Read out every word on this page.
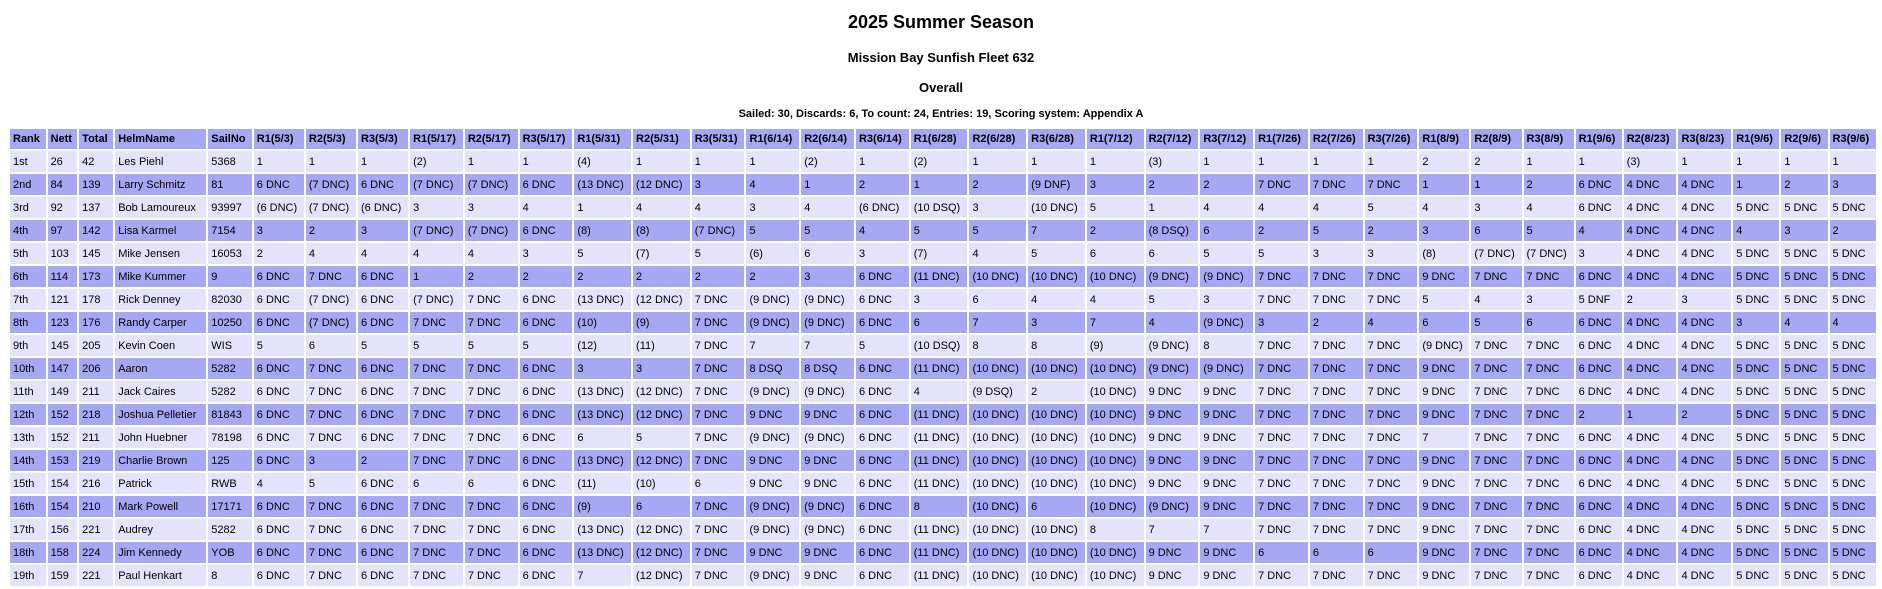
2025 Summer Season
Mission Bay Sunfish Fleet 632
Overall
Sailed: 30, Discards: 6, To count: 24, Entries: 19, Scoring system: Appendix A
Rank	Nett	Total	HelmName	SailNo	R1(5/3)	R2(5/3)	R3(5/3)	R1(5/17)	R2(5/17)	R3(5/17)	R1(5/31)	R2(5/31)	R3(5/31)	R1(6/14)	R2(6/14)	R3(6/14)	R1(6/28)	R2(6/28)	R3(6/28)	R1(7/12)	R2(7/12)	R3(7/12)	R1(7/26)	R2(7/26)	R3(7/26)	R1(8/9)	R2(8/9)	R3(8/9)	R1(9/6)	R2(8/23)	R3(8/23)	R1(9/6)	R2(9/6)	R3(9/6)
1st	26	42	Les Piehl	5368	1	1	1	(2)	1	1	(4)	1	1	1	(2)	1	(2)	1	1	1	(3)	1	1	1	1	2	2	1	1	(3)	1	1	1	1
2nd	84	139	Larry Schmitz	81	6 DNC	(7 DNC)	6 DNC	(7 DNC)	(7 DNC)	6 DNC	(13 DNC)	(12 DNC)	3	4	1	2	1	2	(9 DNF)	3	2	2	7 DNC	7 DNC	7 DNC	1	1	2	6 DNC	4 DNC	4 DNC	1	2	3
3rd	92	137	Bob Lamoureux	93997	(6 DNC)	(7 DNC)	(6 DNC)	3	3	4	1	4	4	3	4	(6 DNC)	(10 DSQ)	3	(10 DNC)	5	1	4	4	4	5	4	3	4	6 DNC	4 DNC	4 DNC	5 DNC	5 DNC	5 DNC
4th	97	142	Lisa Karmel	7154	3	2	3	(7 DNC)	(7 DNC)	6 DNC	(8)	(8)	(7 DNC)	5	5	4	5	5	7	2	(8 DSQ)	6	2	5	2	3	6	5	4	4 DNC	4 DNC	4	3	2
5th	103	145	Mike Jensen	16053	2	4	4	4	4	3	5	(7)	5	(6)	6	3	(7)	4	5	6	6	5	5	3	3	(8)	(7 DNC)	(7 DNC)	3	4 DNC	4 DNC	5 DNC	5 DNC	5 DNC
6th	114	173	Mike Kummer	9	6 DNC	7 DNC	6 DNC	1	2	2	2	2	2	2	3	6 DNC	(11 DNC)	(10 DNC)	(10 DNC)	(10 DNC)	(9 DNC)	(9 DNC)	7 DNC	7 DNC	7 DNC	9 DNC	7 DNC	7 DNC	6 DNC	4 DNC	4 DNC	5 DNC	5 DNC	5 DNC
7th	121	178	Rick Denney	82030	6 DNC	(7 DNC)	6 DNC	(7 DNC)	7 DNC	6 DNC	(13 DNC)	(12 DNC)	7 DNC	(9 DNC)	(9 DNC)	6 DNC	3	6	4	4	5	3	7 DNC	7 DNC	7 DNC	5	4	3	5 DNF	2	3	5 DNC	5 DNC	5 DNC
8th	123	176	Randy Carper	10250	6 DNC	(7 DNC)	6 DNC	7 DNC	7 DNC	6 DNC	(10)	(9)	7 DNC	(9 DNC)	(9 DNC)	6 DNC	6	7	3	7	4	(9 DNC)	3	2	4	6	5	6	6 DNC	4 DNC	4 DNC	3	4	4
9th	145	205	Kevin Coen	WIS	5	6	5	5	5	5	(12)	(11)	7 DNC	7	7	5	(10 DSQ)	8	8	(9)	(9 DNC)	8	7 DNC	7 DNC	7 DNC	(9 DNC)	7 DNC	7 DNC	6 DNC	4 DNC	4 DNC	5 DNC	5 DNC	5 DNC
10th	147	206	Aaron	5282	6 DNC	7 DNC	6 DNC	7 DNC	7 DNC	6 DNC	3	3	7 DNC	8 DSQ	8 DSQ	6 DNC	(11 DNC)	(10 DNC)	(10 DNC)	(10 DNC)	(9 DNC)	(9 DNC)	7 DNC	7 DNC	7 DNC	9 DNC	7 DNC	7 DNC	6 DNC	4 DNC	4 DNC	5 DNC	5 DNC	5 DNC
11th	149	211	Jack Caires	5282	6 DNC	7 DNC	6 DNC	7 DNC	7 DNC	6 DNC	(13 DNC)	(12 DNC)	7 DNC	(9 DNC)	(9 DNC)	6 DNC	4	(9 DSQ)	2	(10 DNC)	9 DNC	9 DNC	7 DNC	7 DNC	7 DNC	9 DNC	7 DNC	7 DNC	6 DNC	4 DNC	4 DNC	5 DNC	5 DNC	5 DNC
12th	152	218	Joshua Pelletier	81843	6 DNC	7 DNC	6 DNC	7 DNC	7 DNC	6 DNC	(13 DNC)	(12 DNC)	7 DNC	9 DNC	9 DNC	6 DNC	(11 DNC)	(10 DNC)	(10 DNC)	(10 DNC)	9 DNC	9 DNC	7 DNC	7 DNC	7 DNC	9 DNC	7 DNC	7 DNC	2	1	2	5 DNC	5 DNC	5 DNC
13th	152	211	John Huebner	78198	6 DNC	7 DNC	6 DNC	7 DNC	7 DNC	6 DNC	6	5	7 DNC	(9 DNC)	(9 DNC)	6 DNC	(11 DNC)	(10 DNC)	(10 DNC)	(10 DNC)	9 DNC	9 DNC	7 DNC	7 DNC	7 DNC	7	7 DNC	7 DNC	6 DNC	4 DNC	4 DNC	5 DNC	5 DNC	5 DNC
14th	153	219	Charlie Brown	125	6 DNC	3	2	7 DNC	7 DNC	6 DNC	(13 DNC)	(12 DNC)	7 DNC	9 DNC	9 DNC	6 DNC	(11 DNC)	(10 DNC)	(10 DNC)	(10 DNC)	9 DNC	9 DNC	7 DNC	7 DNC	7 DNC	9 DNC	7 DNC	7 DNC	6 DNC	4 DNC	4 DNC	5 DNC	5 DNC	5 DNC
15th	154	216	Patrick	RWB	4	5	6 DNC	6	6	6 DNC	(11)	(10)	6	9 DNC	9 DNC	6 DNC	(11 DNC)	(10 DNC)	(10 DNC)	(10 DNC)	9 DNC	9 DNC	7 DNC	7 DNC	7 DNC	9 DNC	7 DNC	7 DNC	6 DNC	4 DNC	4 DNC	5 DNC	5 DNC	5 DNC
16th	154	210	Mark Powell	17171	6 DNC	7 DNC	6 DNC	7 DNC	7 DNC	6 DNC	(9)	6	7 DNC	(9 DNC)	(9 DNC)	6 DNC	8	(10 DNC)	6	(10 DNC)	(9 DNC)	9 DNC	7 DNC	7 DNC	7 DNC	9 DNC	7 DNC	7 DNC	6 DNC	4 DNC	4 DNC	5 DNC	5 DNC	5 DNC
17th	156	221	Audrey	5282	6 DNC	7 DNC	6 DNC	7 DNC	7 DNC	6 DNC	(13 DNC)	(12 DNC)	7 DNC	(9 DNC)	(9 DNC)	6 DNC	(11 DNC)	(10 DNC)	(10 DNC)	8	7	7	7 DNC	7 DNC	7 DNC	9 DNC	7 DNC	7 DNC	6 DNC	4 DNC	4 DNC	5 DNC	5 DNC	5 DNC
18th	158	224	Jim Kennedy	YOB	6 DNC	7 DNC	6 DNC	7 DNC	7 DNC	6 DNC	(13 DNC)	(12 DNC)	7 DNC	9 DNC	9 DNC	6 DNC	(11 DNC)	(10 DNC)	(10 DNC)	(10 DNC)	9 DNC	9 DNC	6	6	6	9 DNC	7 DNC	7 DNC	6 DNC	4 DNC	4 DNC	5 DNC	5 DNC	5 DNC
19th	159	221	Paul Henkart	8	6 DNC	7 DNC	6 DNC	7 DNC	7 DNC	6 DNC	7	(12 DNC)	7 DNC	(9 DNC)	9 DNC	6 DNC	(11 DNC)	(10 DNC)	(10 DNC)	(10 DNC)	9 DNC	9 DNC	7 DNC	7 DNC	7 DNC	9 DNC	7 DNC	7 DNC	6 DNC	4 DNC	4 DNC	5 DNC	5 DNC	5 DNC
